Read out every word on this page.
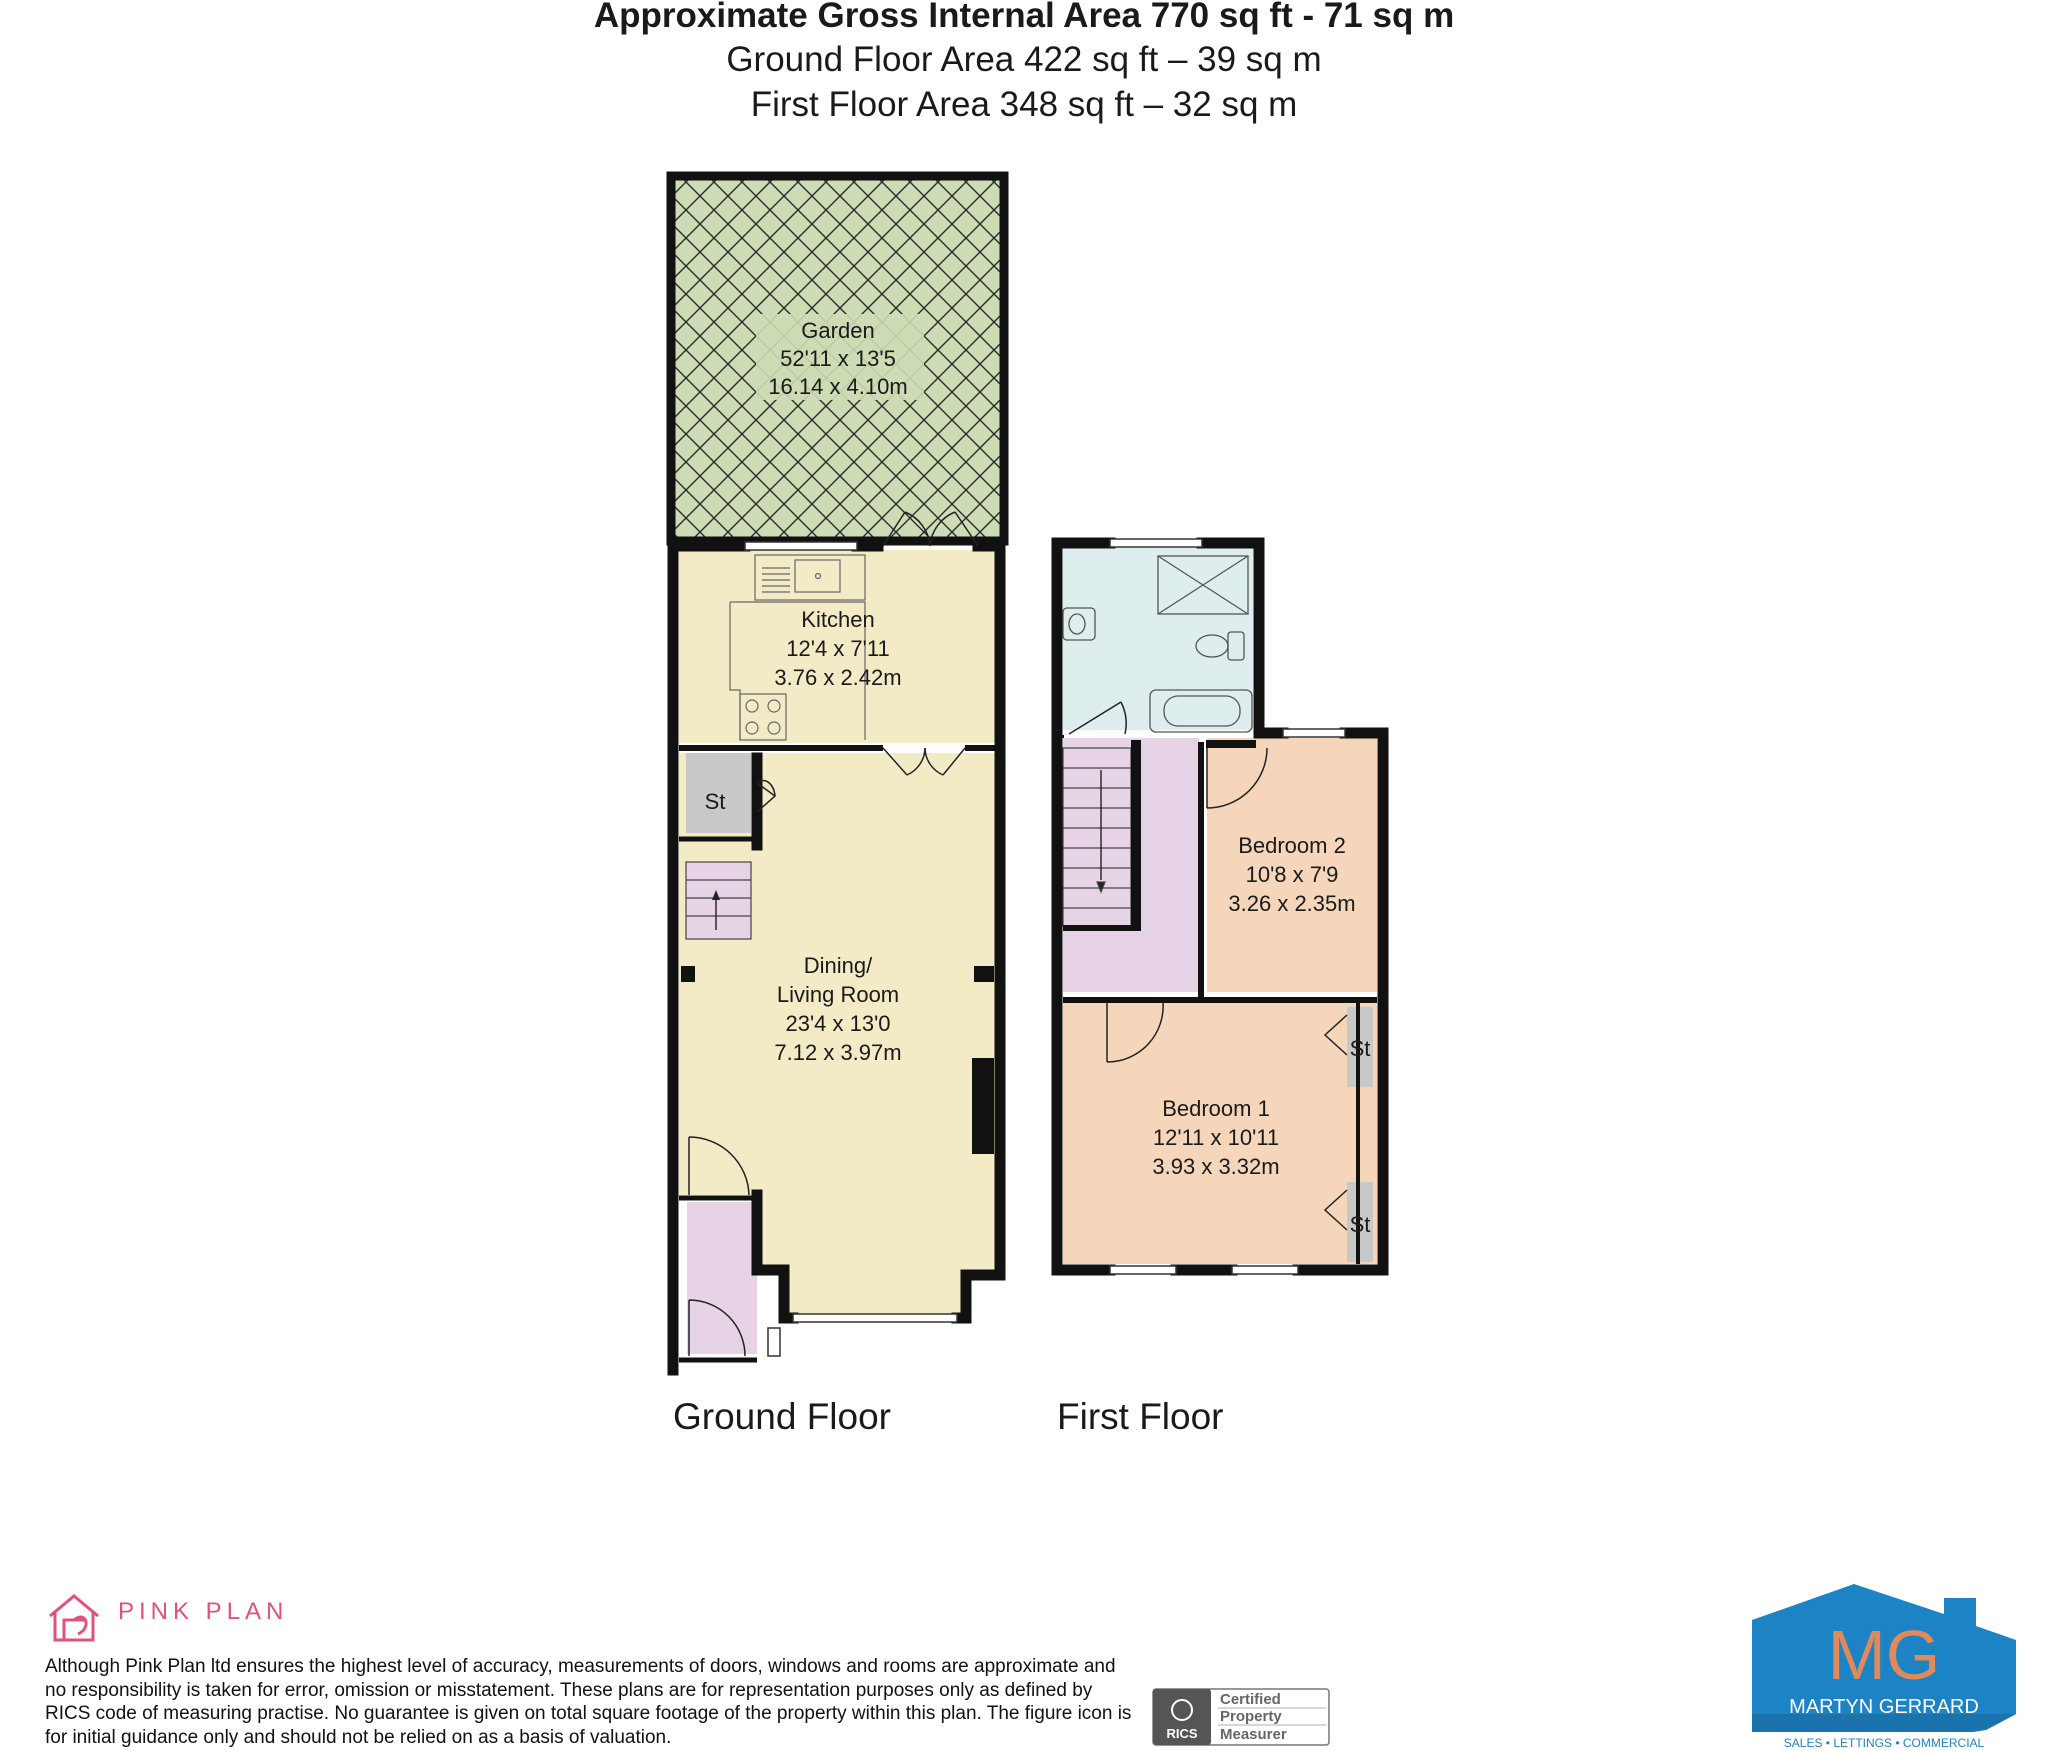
Approximate Gross Internal Area 770 sq ft - 71 sq m
Ground Floor Area 422 sq ft – 39 sq m
First Floor Area 348 sq ft – 32 sq m
Garden
52'11 x 13'5
16.14 x 4.10m
Kitchen
12'4 x 7'11
3.76 x 2.42m
St
Dining/
Living Room
23'4 x 13'0
7.12 x 3.97m
Bedroom 2
10'8 x 7'9
3.26 x 2.35m
Bedroom 1
12'11 x 10'11
3.93 x 3.32m
St
St
Ground Floor	First Floor
PINK PLAN
Although Pink Plan ltd ensures the highest level of accuracy, measurements of doors, windows and rooms are approximate and no responsibility is taken for error, omission or misstatement. These plans are for representation purposes only as defined by RICS code of measuring practise. No guarantee is given on total square footage of the property within this plan. The figure icon is for initial guidance only and should not be relied on as a basis of valuation.	RICS
Certified
Property
Measurer
MG
MARTYN GERRARD
SALES • LETTINGS • COMMERCIAL
